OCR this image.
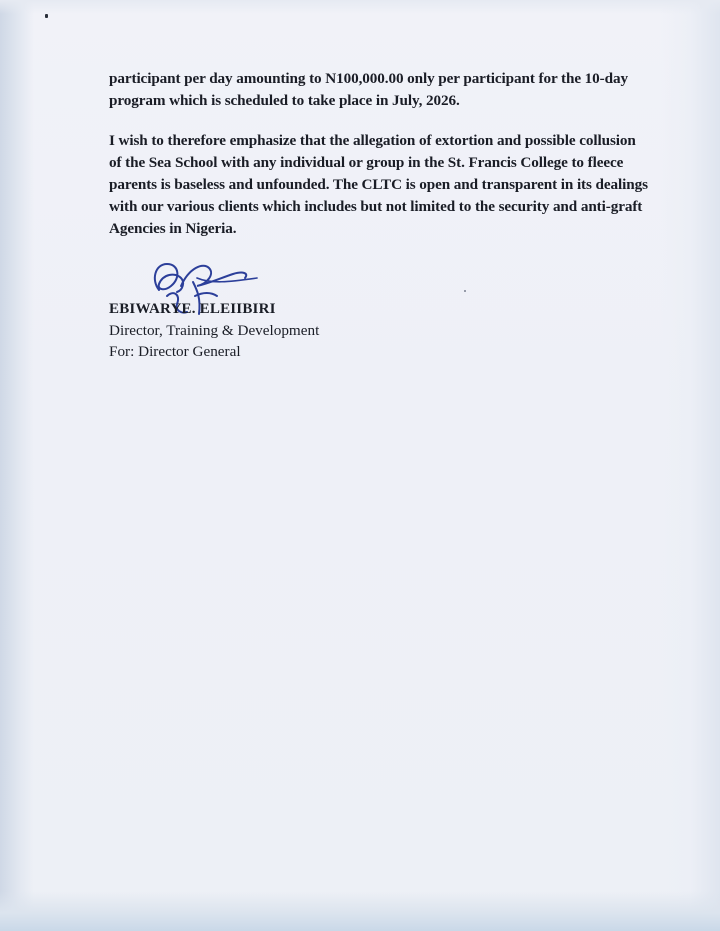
participant per day amounting to N100,000.00 only per participant for the 10-day
program which is scheduled to take place in July, 2026.

I wish to therefore emphasize that the allegation of extortion and possible collusion
of the Sea School with any individual or group in the St. Francis College to fleece
parents is baseless and unfounded. The CLTC is open and transparent in its dealings
with our various clients which includes but not limited to the security and anti-graft
Agencies in Nigeria.

EBIWARYE. ELEIIBIRI
Director, Training & Development
For: Director General
